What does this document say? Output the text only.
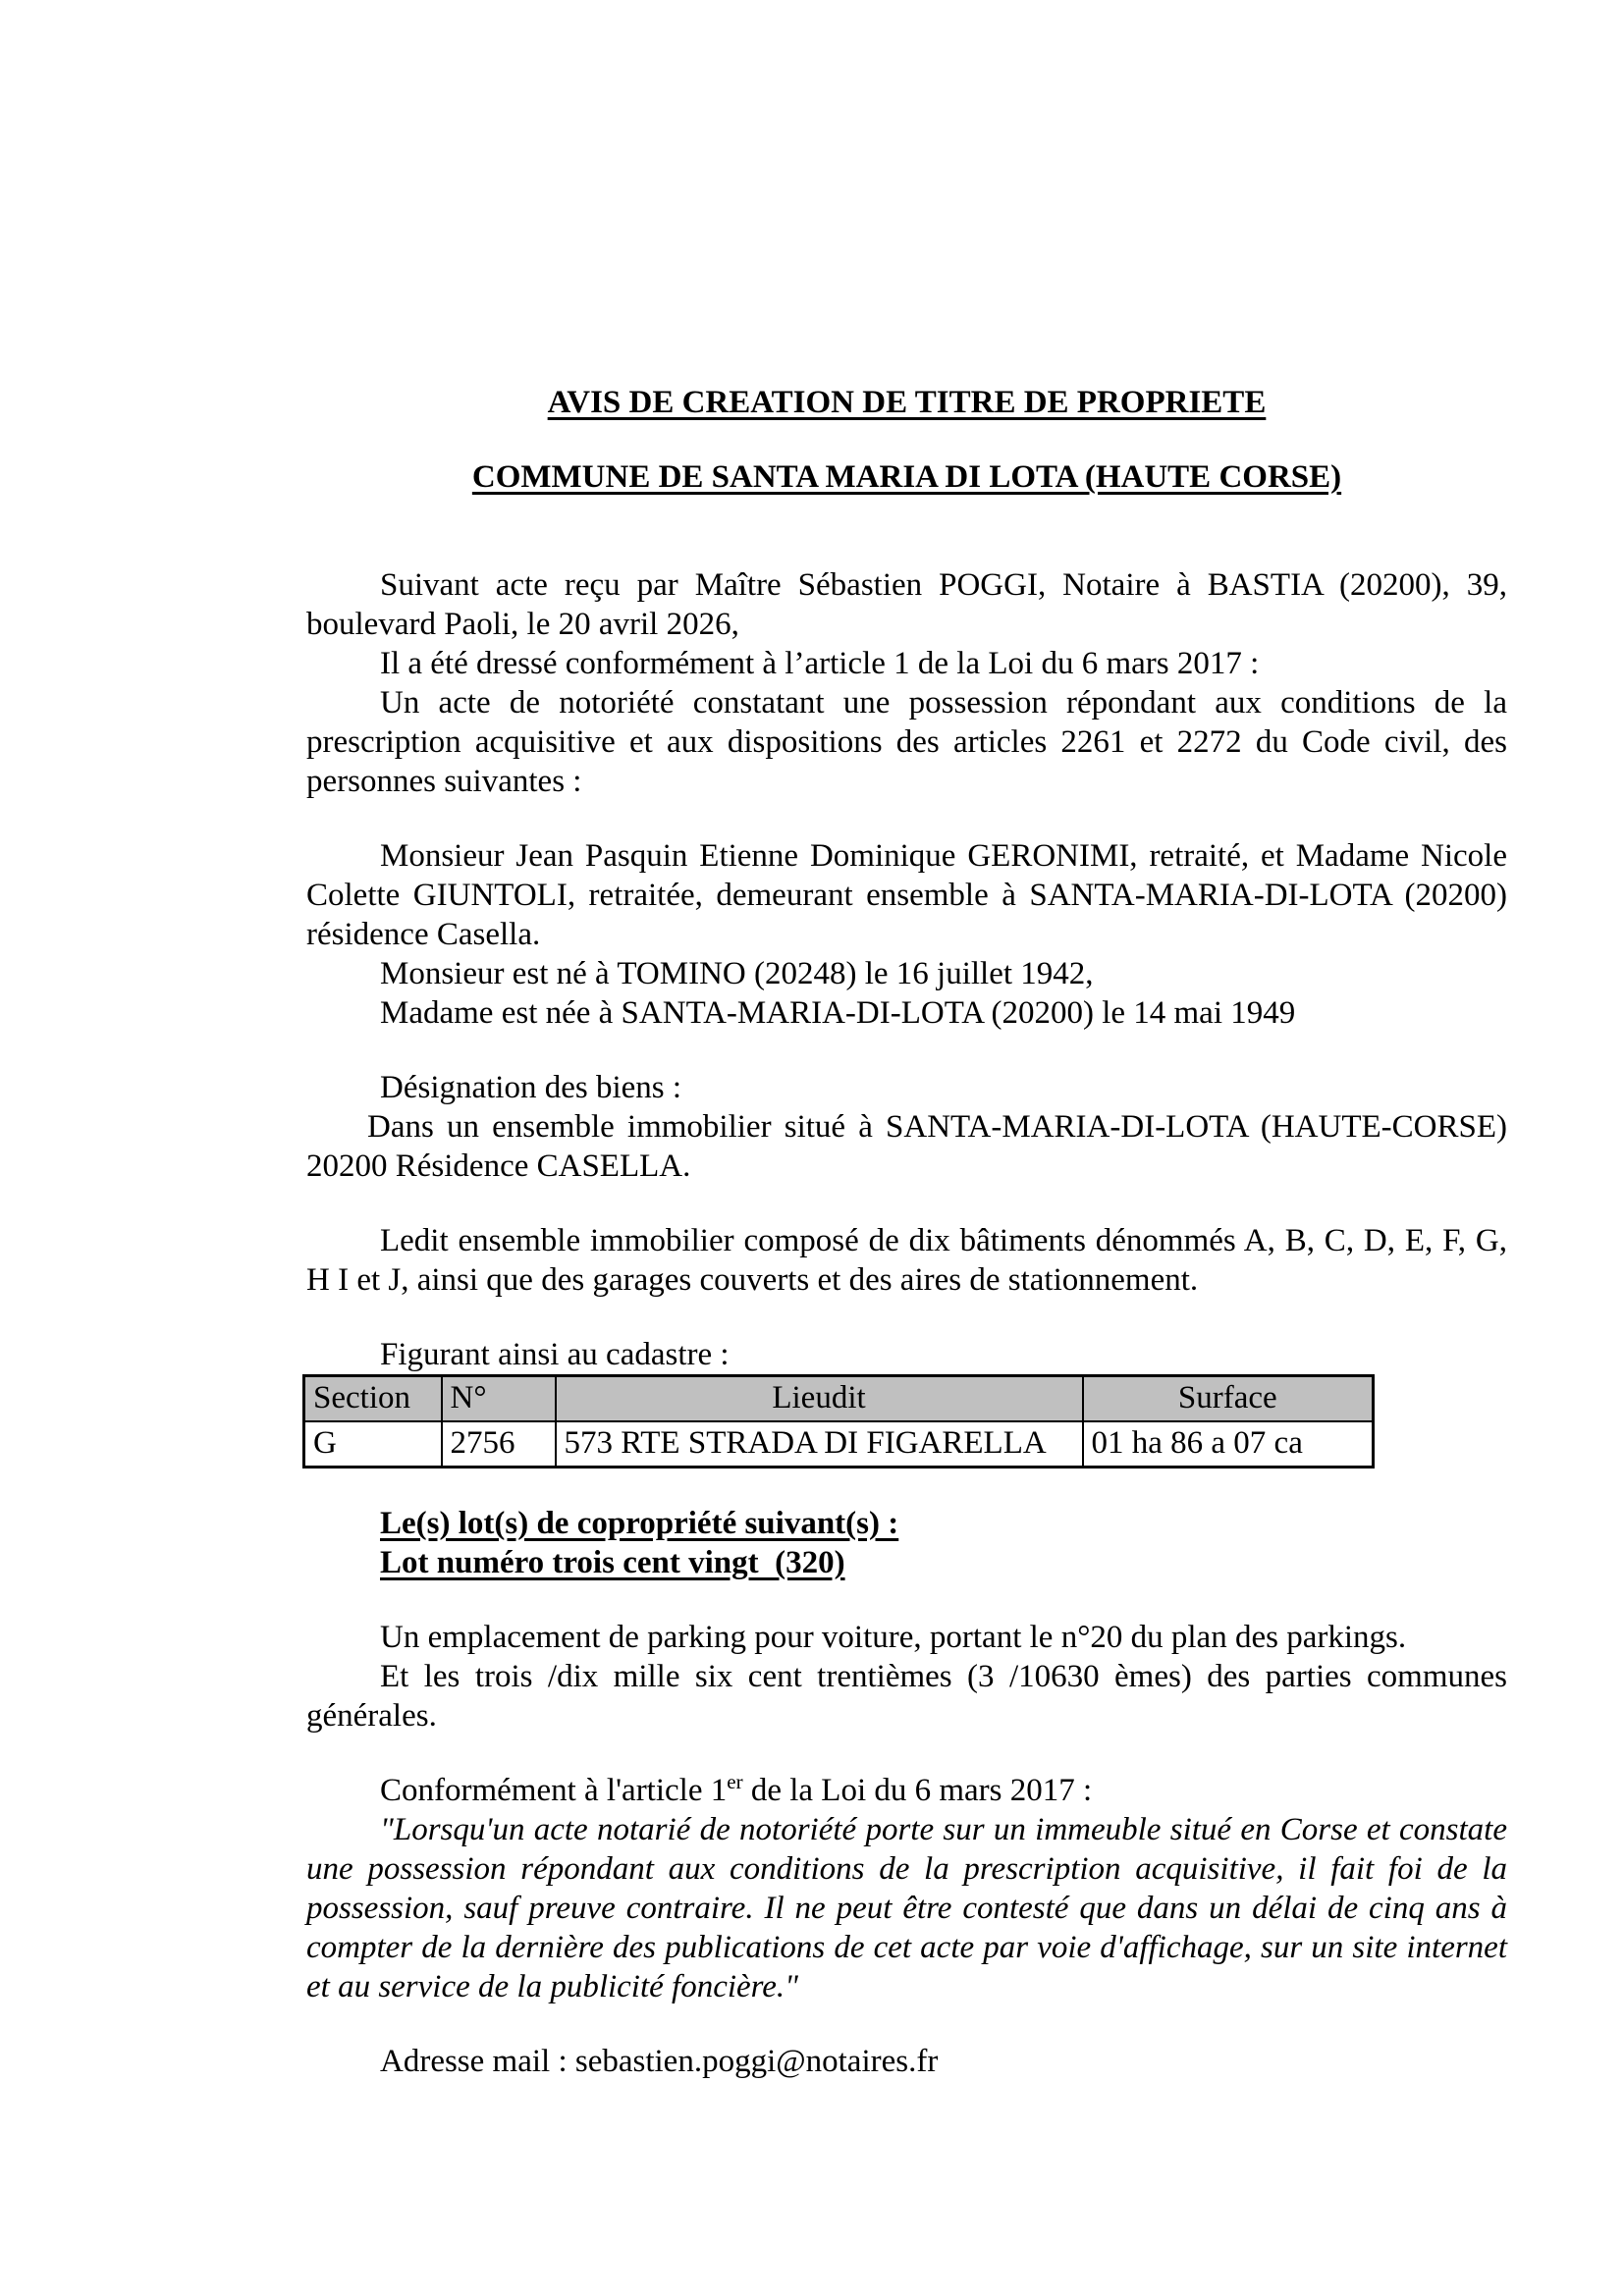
AVIS DE CREATION DE TITRE DE PROPRIETE

COMMUNE DE SANTA MARIA DI LOTA (HAUTE CORSE)

Suivant acte reçu par Maître Sébastien POGGI, Notaire à BASTIA (20200), 39, boulevard Paoli, le 20 avril 2026,

Il a été dressé conformément à l’article 1 de la Loi du 6 mars 2017 :

Un acte de notoriété constatant une possession répondant aux conditions de la prescription acquisitive et aux dispositions des articles 2261 et 2272 du Code civil, des personnes suivantes :

Monsieur Jean Pasquin Etienne Dominique GERONIMI, retraité, et Madame Nicole Colette GIUNTOLI, retraitée, demeurant ensemble à SANTA-MARIA-DI-LOTA (20200) résidence Casella.

Monsieur est né à TOMINO (20248) le 16 juillet 1942,

Madame est née à SANTA-MARIA-DI-LOTA (20200) le 14 mai 1949

Désignation des biens :

Dans un ensemble immobilier situé à SANTA-MARIA-DI-LOTA (HAUTE-CORSE) 20200 Résidence CASELLA.

Ledit ensemble immobilier composé de dix bâtiments dénommés A, B, C, D, E, F, G, H I et J, ainsi que des garages couverts et des aires de stationnement.

Figurant ainsi au cadastre :

Section	N°	Lieudit	Surface
G	2756	573 RTE STRADA DI FIGARELLA	01 ha 86 a 07 ca

Le(s) lot(s) de copropriété suivant(s) :

Lot numéro trois cent vingt  (320)

Un emplacement de parking pour voiture, portant le n°20 du plan des parkings.

Et les trois /dix mille six cent trentièmes (3 /10630 èmes) des parties communes générales.

Conformément à l'article 1er de la Loi du 6 mars 2017 :

"Lorsqu'un acte notarié de notoriété porte sur un immeuble situé en Corse et constate une possession répondant aux conditions de la prescription acquisitive, il fait foi de la possession, sauf preuve contraire. Il ne peut être contesté que dans un délai de cinq ans à compter de la dernière des publications de cet acte par voie d'affichage, sur un site internet et au service de la publicité foncière."

Adresse mail : sebastien.poggi@notaires.fr
